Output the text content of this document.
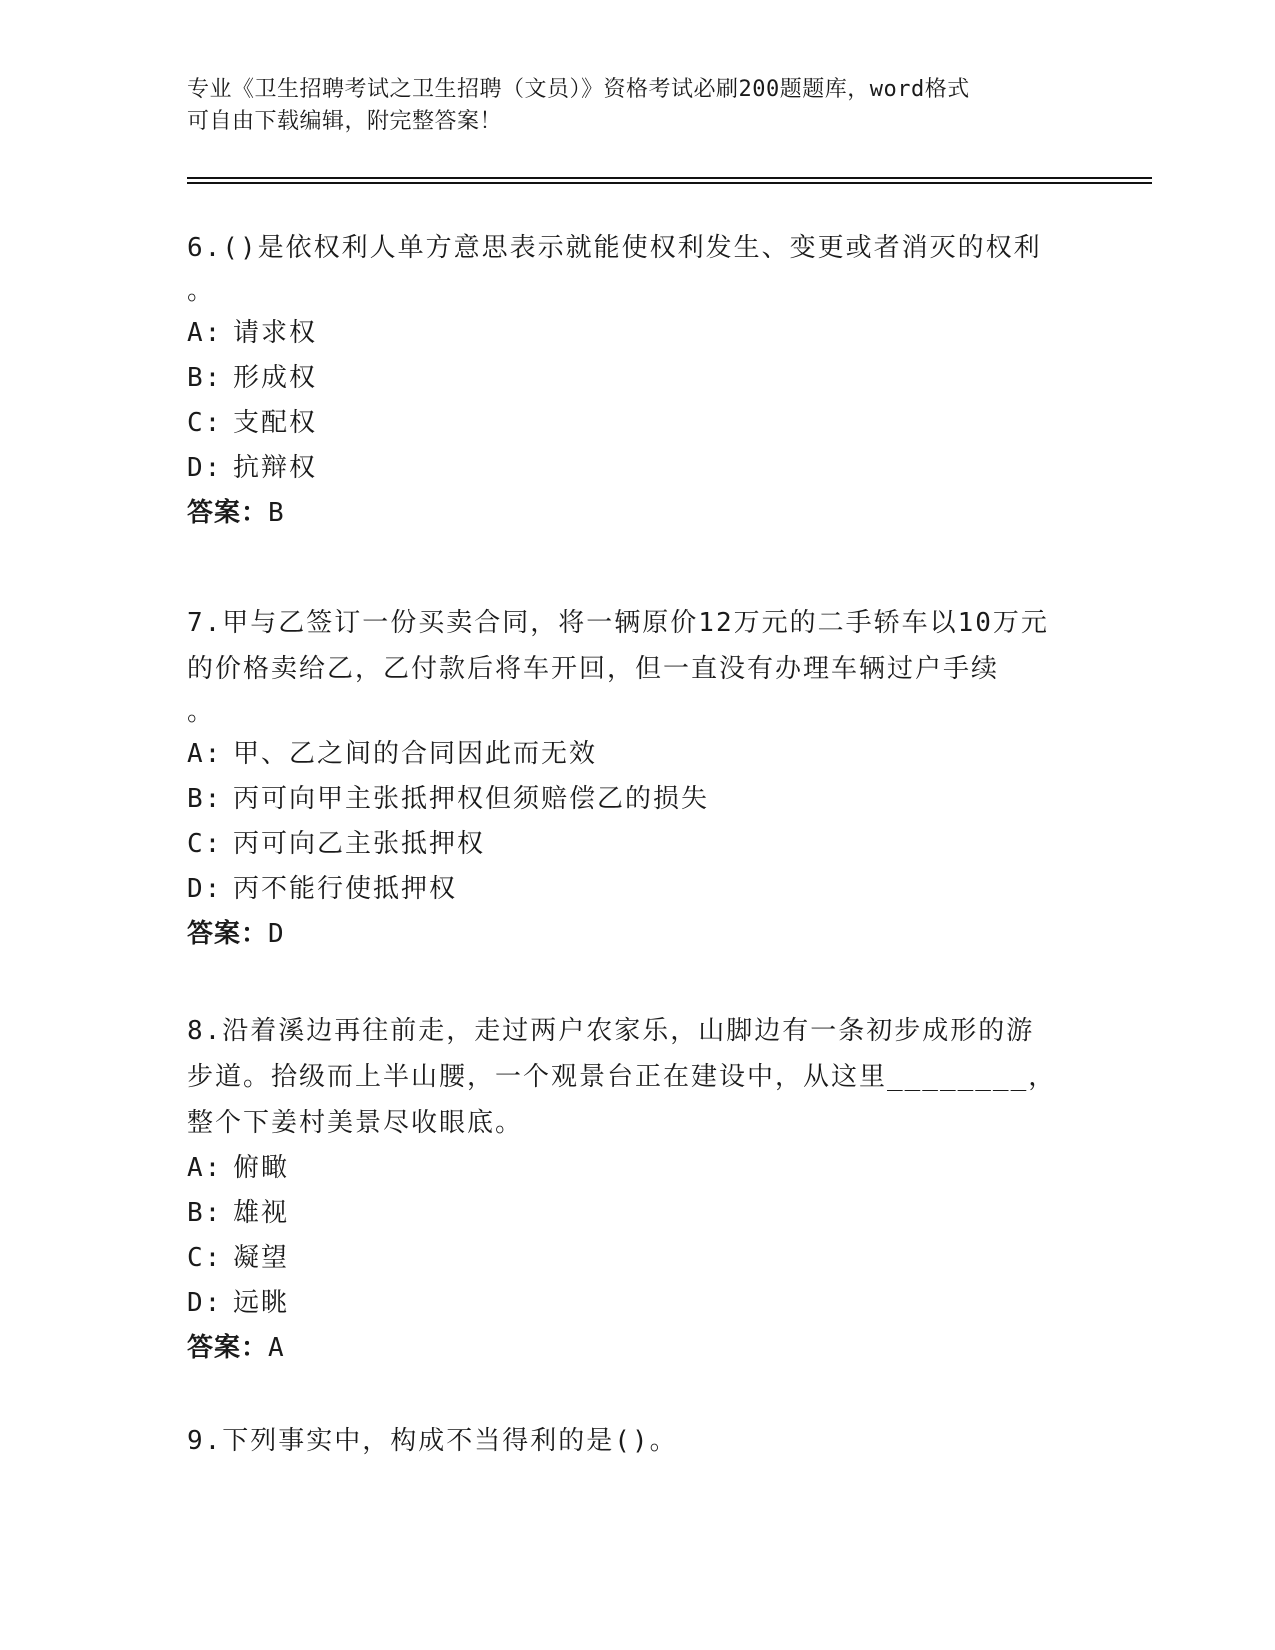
专业《卫生招聘考试之卫生招聘（文员）》资格考试必刷200题题库，word格式
可自由下载编辑，附完整答案！

6.()是依权利人单方意思表示就能使权利发生、变更或者消灭的权利
。

A: 请求权

B: 形成权

C: 支配权

D: 抗辩权

答案：B

7.甲与乙签订一份买卖合同，将一辆原价12万元的二手轿车以10万元的价格卖给乙，乙付款后将车开回，但一直没有办理车辆过户手续
。

A: 甲、乙之间的合同因此而无效

B: 丙可向甲主张抵押权但须赔偿乙的损失

C: 丙可向乙主张抵押权

D: 丙不能行使抵押权

答案：D

8.沿着溪边再往前走，走过两户农家乐，山脚边有一条初步成形的游步道。拾级而上半山腰，一个观景台正在建设中，从这里________，整个下姜村美景尽收眼底。

A: 俯瞰

B: 雄视

C: 凝望

D: 远眺

答案：A

9.下列事实中，构成不当得利的是()。
